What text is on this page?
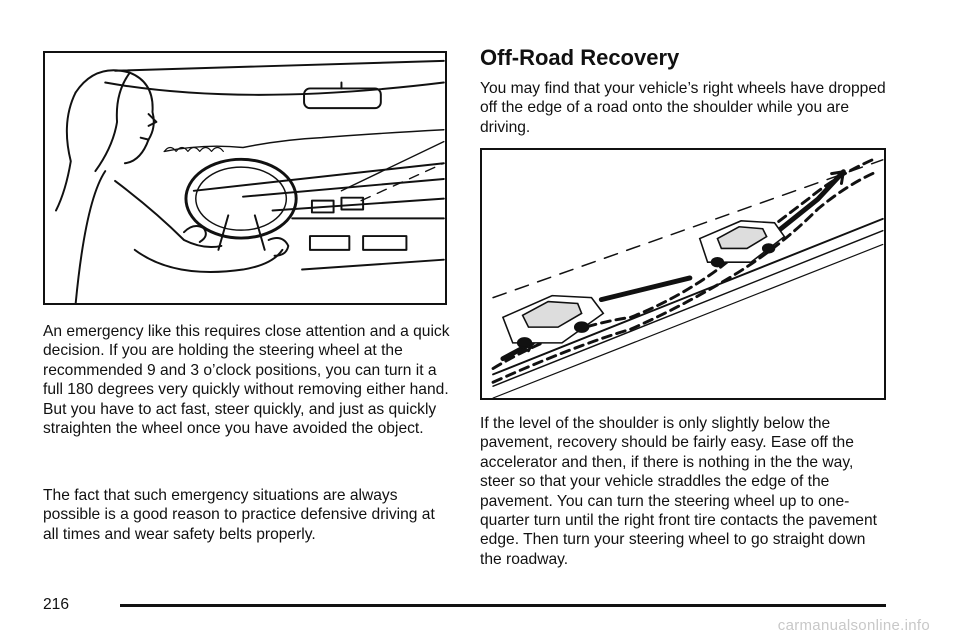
An emergency like this requires close attention and a quick decision. If you are holding the steering wheel at the recommended 9 and 3 o’clock positions, you can turn it a full 180 degrees very quickly without removing either hand. But you have to act fast, steer quickly, and just as quickly straighten the wheel once you have avoided the object.

The fact that such emergency situations are always possible is a good reason to practice defensive driving at all times and wear safety belts properly.

Off-Road Recovery

You may find that your vehicle’s right wheels have dropped off the edge of a road onto the shoulder while you are driving.

If the level of the shoulder is only slightly below the pavement, recovery should be fairly easy. Ease off the accelerator and then, if there is nothing in the the way, steer so that your vehicle straddles the edge of the pavement. You can turn the steering wheel up to one-quarter turn until the right front tire contacts the pavement edge. Then turn your steering wheel to go straight down the roadway.

216
carmanualsonline.info
